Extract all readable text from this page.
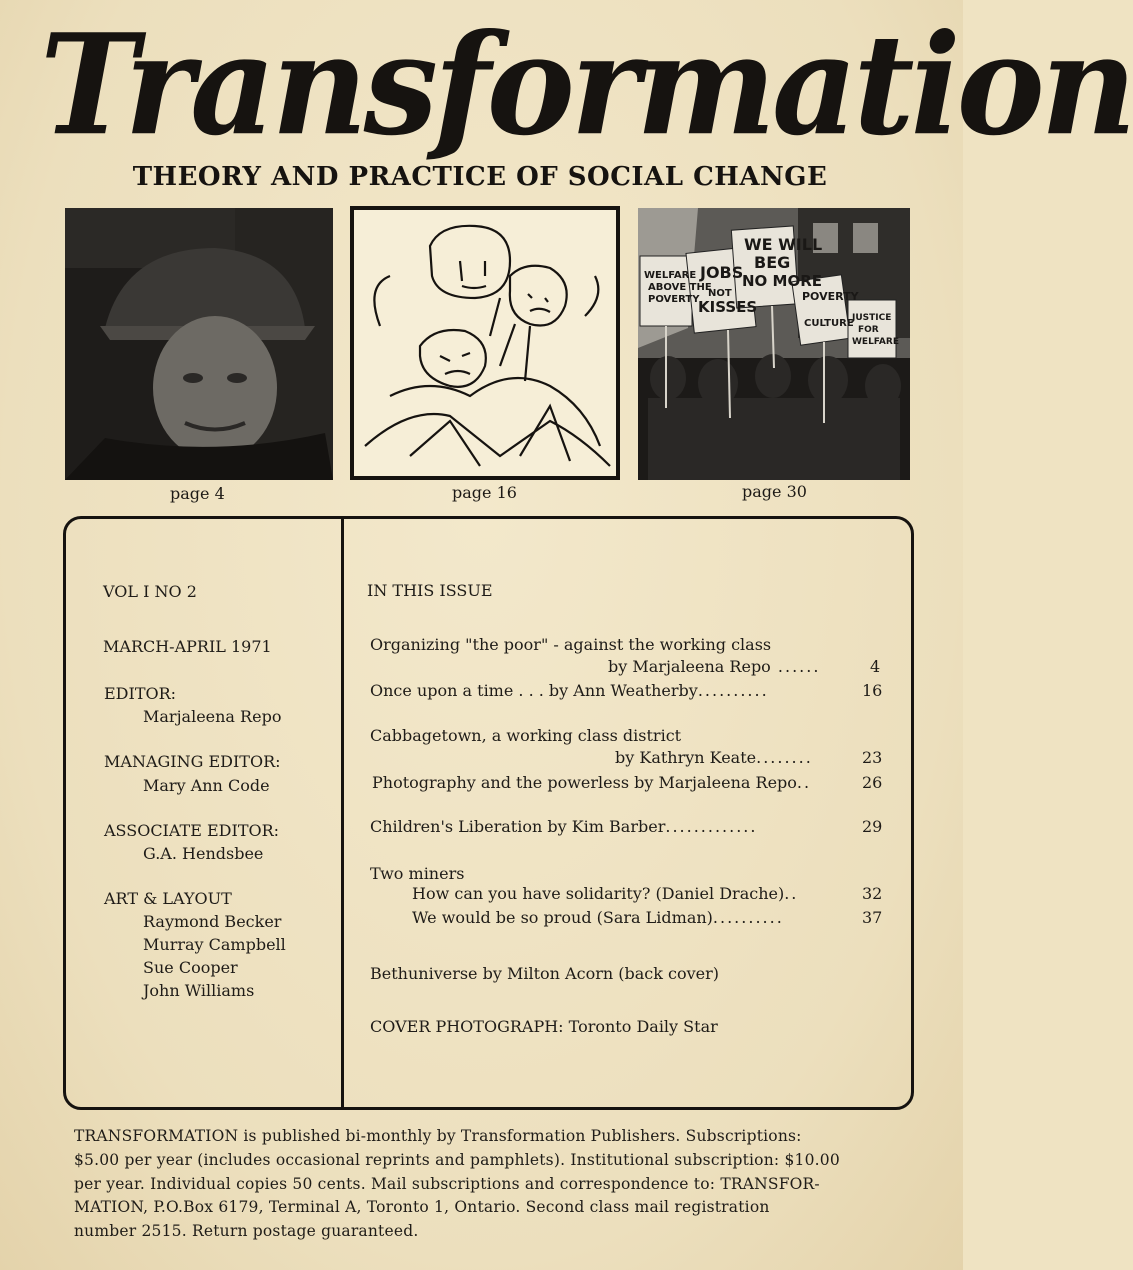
Transformation
THEORY AND PRACTICE OF SOCIAL CHANGE
page 4	page 16
WELFARE
ABOVE THE
POVERTY
JOBS
NOT
KISSES
WE WILL
BEG
NO MORE
POVERTY
CULTURE
JUSTICE
FOR
WELFARE
page 30
VOL I NO 2
MARCH-APRIL 1971
EDITOR:
Marjaleena Repo
MANAGING EDITOR:
Mary Ann Code
ASSOCIATE EDITOR:
G.A. Hendsbee
ART & LAYOUT
Raymond Becker
Murray Campbell
Sue Cooper
John Williams
IN THIS ISSUE
Organizing "the poor" - against the working class
by Marjaleena Repo ......	4
Once upon a time . . . by Ann Weatherby..........	16
Cabbagetown, a working class district
by Kathryn Keate........	23
Photography and the powerless by Marjaleena Repo..	26
Children's Liberation by Kim Barber.............	29
Two miners
How can you have solidarity? (Daniel Drache)..	32
We would be so proud (Sara Lidman)..........	37
Bethuniverse by Milton Acorn (back cover)
COVER PHOTOGRAPH: Toronto Daily Star
TRANSFORMATION is published bi-monthly by Transformation Publishers. Subscriptions:
$5.00 per year (includes occasional reprints and pamphlets). Institutional subscription: $10.00
per year. Individual copies 50 cents. Mail subscriptions and correspondence to: TRANSFOR-
MATION, P.O.Box 6179, Terminal A, Toronto 1, Ontario. Second class mail registration
number 2515. Return postage guaranteed.
